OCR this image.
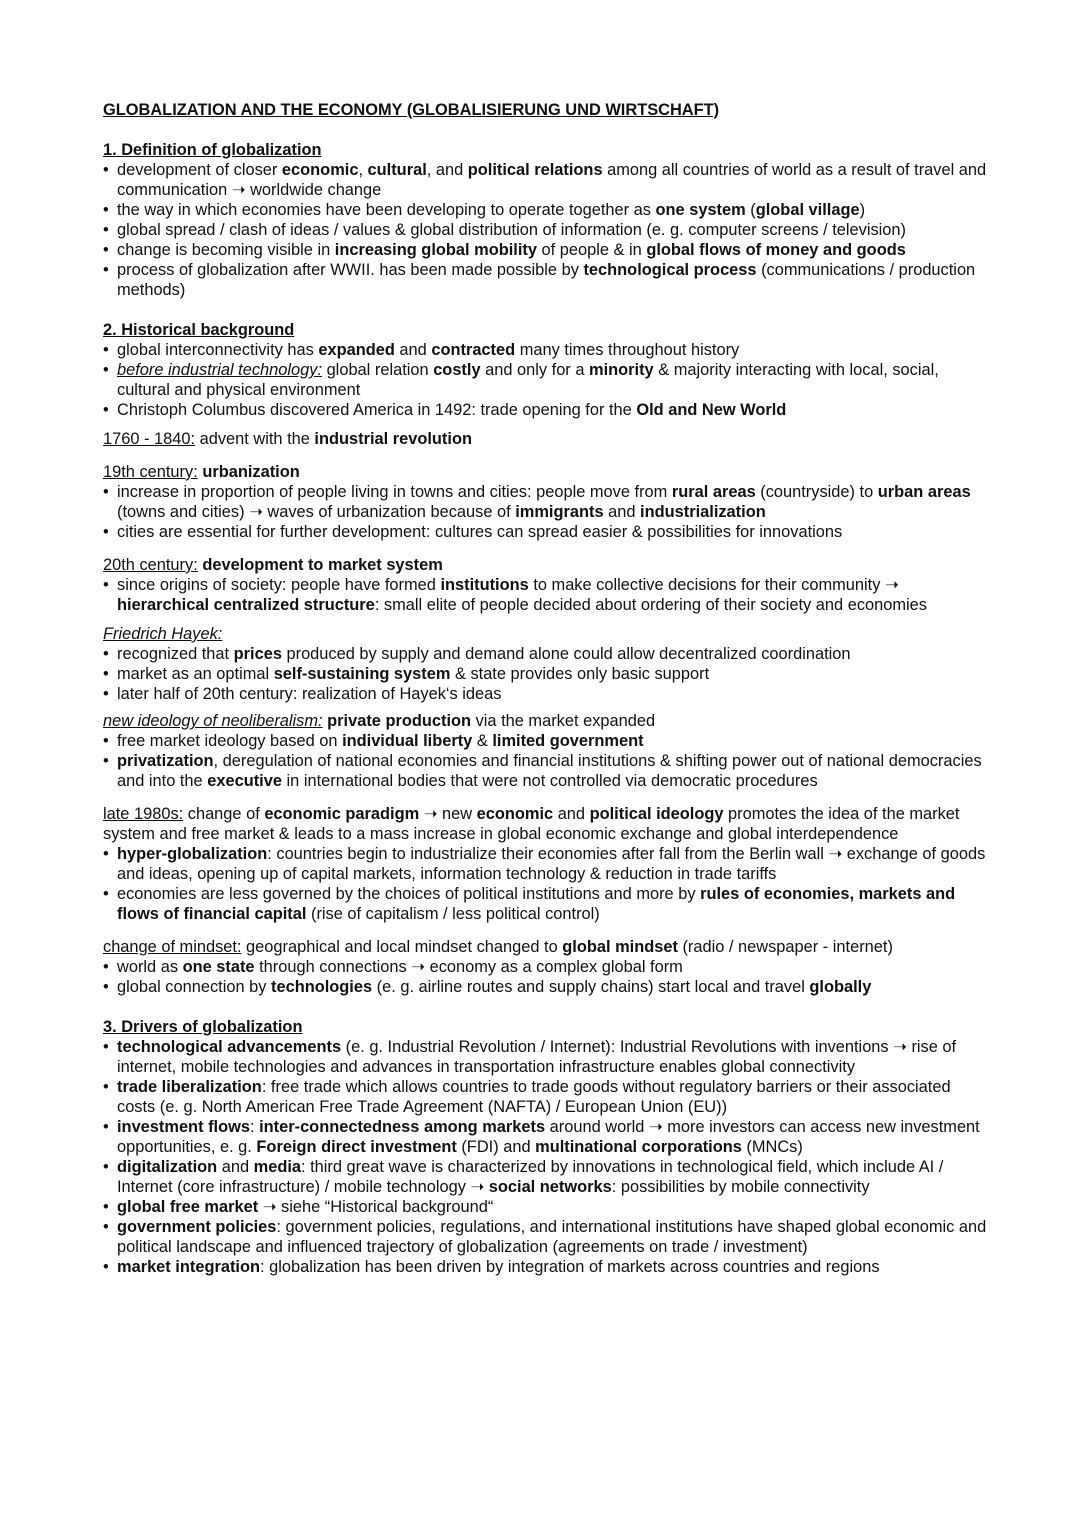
GLOBALIZATION AND THE ECONOMY (GLOBALISIERUNG UND WIRTSCHAFT)
1. Definition of globalization
• development of closer economic, cultural, and political relations among all countries of world as a result of travel and communication ➝ worldwide change
• the way in which economies have been developing to operate together as one system (global village)
• global spread / clash of ideas / values & global distribution of information (e. g. computer screens / television)
• change is becoming visible in increasing global mobility of people & in global flows of money and goods
• process of globalization after WWII. has been made possible by technological process (communications / production methods)
2. Historical background
• global interconnectivity has expanded and contracted many times throughout history
• before industrial technology: global relation costly and only for a minority & majority interacting with local, social, cultural and physical environment
• Christoph Columbus discovered America in 1492: trade opening for the Old and New World

1760 - 1840: advent with the industrial revolution

19th century: urbanization

• increase in proportion of people living in towns and cities: people move from rural areas (countryside) to urban areas (towns and cities) ➝ waves of urbanization because of immigrants and industrialization
• cities are essential for further development: cultures can spread easier & possibilities for innovations

20th century: development to market system

• since origins of society: people have formed institutions to make collective decisions for their community ➝ hierarchical centralized structure: small elite of people decided about ordering of their society and economies

Friedrich Hayek:

• recognized that prices produced by supply and demand alone could allow decentralized coordination
• market as an optimal self-sustaining system & state provides only basic support
• later half of 20th century: realization of Hayek‘s ideas

new ideology of neoliberalism: private production via the market expanded

• free market ideology based on individual liberty & limited government
• privatization, deregulation of national economies and financial institutions & shifting power out of national democracies and into the executive in international bodies that were not controlled via democratic procedures

late 1980s: change of economic paradigm ➝ new economic and political ideology promotes the idea of the market system and free market & leads to a mass increase in global economic exchange and global interdependence

• hyper-globalization: countries begin to industrialize their economies after fall from the Berlin wall ➝ exchange of goods and ideas, opening up of capital markets, information technology & reduction in trade tariffs
• economies are less governed by the choices of political institutions and more by rules of economies, markets and flows of financial capital (rise of capitalism / less political control)

change of mindset: geographical and local mindset changed to global mindset (radio / newspaper - internet)

• world as one state through connections ➝ economy as a complex global form
• global connection by technologies (e. g. airline routes and supply chains) start local and travel globally
3. Drivers of globalization
• technological advancements (e. g. Industrial Revolution / Internet): Industrial Revolutions with inventions ➝ rise of internet, mobile technologies and advances in transportation infrastructure enables global connectivity
• trade liberalization: free trade which allows countries to trade goods without regulatory barriers or their associated costs (e. g. North American Free Trade Agreement (NAFTA) / European Union (EU))
• investment flows: inter-connectedness among markets around world ➝ more investors can access new investment opportunities, e. g. Foreign direct investment (FDI) and multinational corporations (MNCs)
• digitalization and media: third great wave is characterized by innovations in technological field, which include AI / Internet (core infrastructure) / mobile technology ➝ social networks: possibilities by mobile connectivity
• global free market ➝ siehe “Historical background“
• government policies: government policies, regulations, and international institutions have shaped global economic and political landscape and influenced trajectory of globalization (agreements on trade / investment)
• market integration: globalization has been driven by integration of markets across countries and regions
